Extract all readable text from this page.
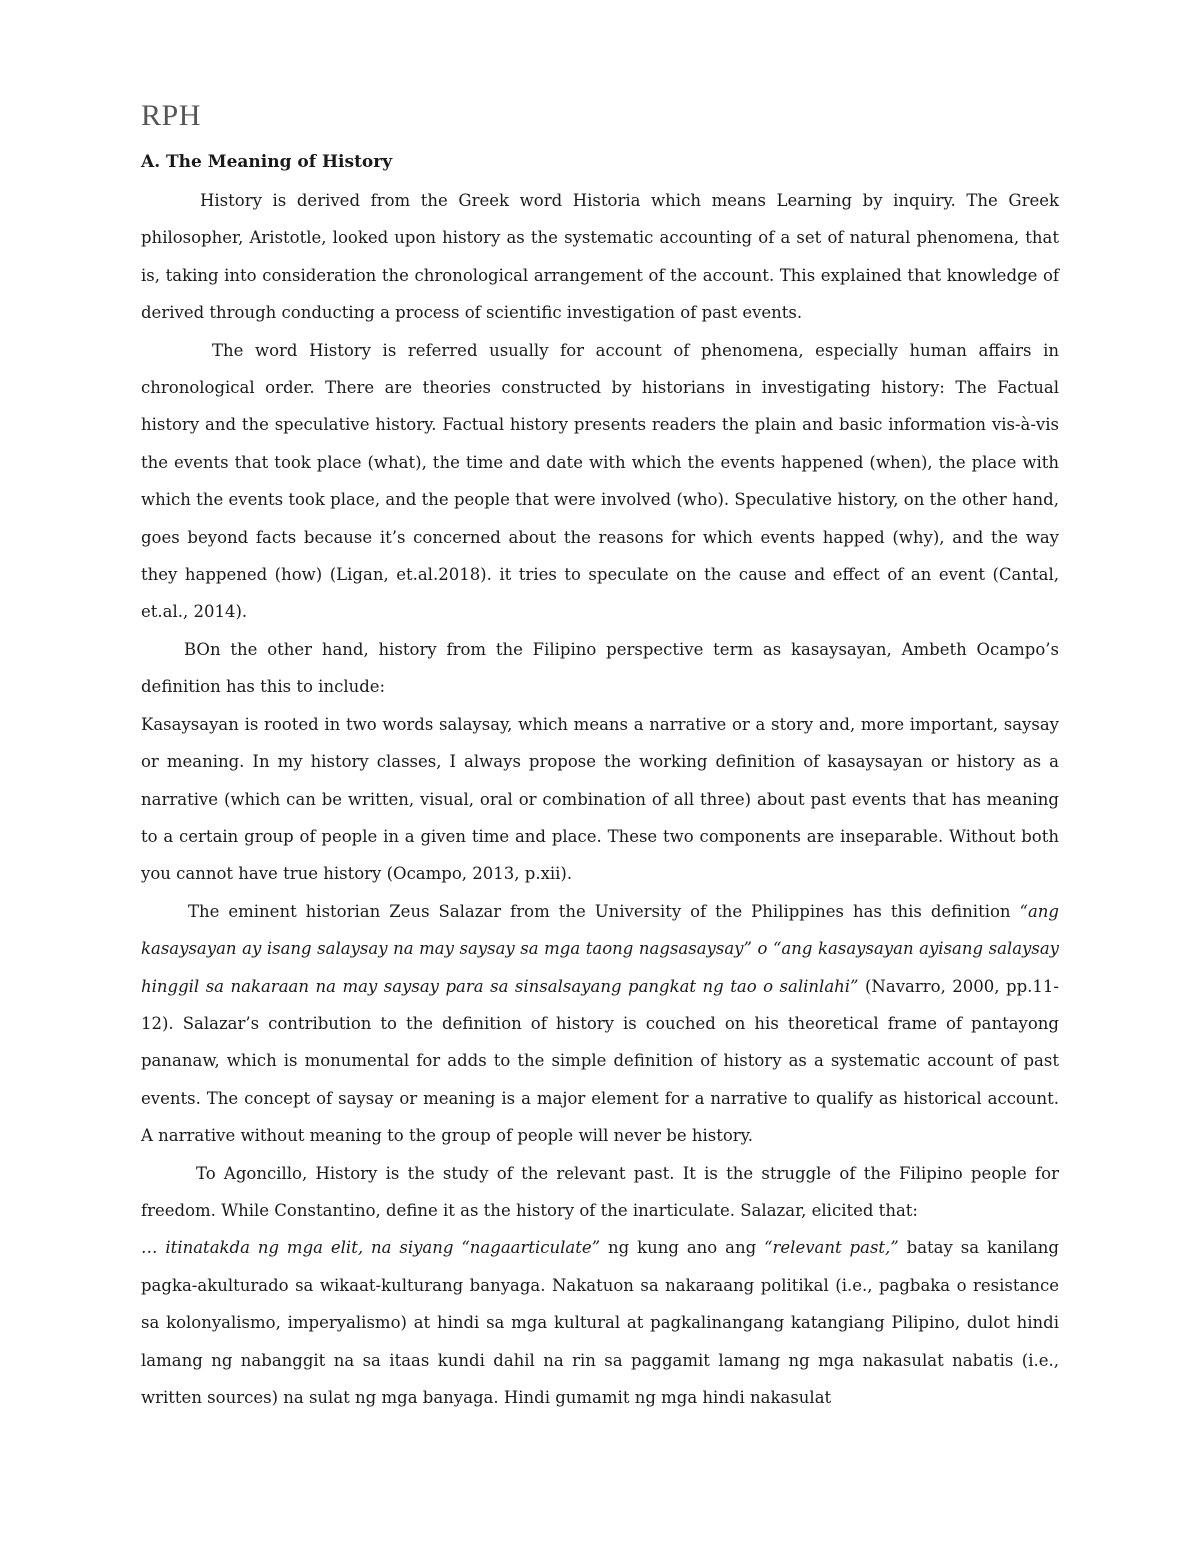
RPH
A. The Meaning of History

History is derived from the Greek word Historia which means Learning by inquiry. The Greek philosopher, Aristotle, looked upon history as the systematic accounting of a set of natural phenomena, that is, taking into consideration the chronological arrangement of the account. This explained that knowledge of derived through conducting a process of scientific investigation of past events.

The word History is referred usually for account of phenomena, especially human affairs in chronological order. There are theories constructed by historians in investigating history: The Factual history and the speculative history. Factual history presents readers the plain and basic information vis-à-vis the events that took place (what), the time and date with which the events happened (when), the place with which the events took place, and the people that were involved (who). Speculative history, on the other hand, goes beyond facts because it’s concerned about the reasons for which events happed (why), and the way they happened (how) (Ligan, et.al.2018). it tries to speculate on the cause and effect of an event (Cantal, et.al., 2014).

BOn the other hand, history from the Filipino perspective term as kasaysayan, Ambeth Ocampo’s definition has this to include:

Kasaysayan is rooted in two words salaysay, which means a narrative or a story and, more important, saysay or meaning. In my history classes, I always propose the working definition of kasaysayan or history as a narrative (which can be written, visual, oral or combination of all three) about past events that has meaning to a certain group of people in a given time and place. These two components are inseparable. Without both you cannot have true history (Ocampo, 2013, p.xii).

The eminent historian Zeus Salazar from the University of the Philippines has this definition “ang kasaysayan ay isang salaysay na may saysay sa mga taong nagsasaysay” o “ang kasaysayan ayisang salaysay hinggil sa nakaraan na may saysay para sa sinsalsayang pangkat ng tao o salinlahi” (Navarro, 2000, pp.11-12). Salazar’s contribution to the definition of history is couched on his theoretical frame of pantayong pananaw, which is monumental for adds to the simple definition of history as a systematic account of past events. The concept of saysay or meaning is a major element for a narrative to qualify as historical account. A narrative without meaning to the group of people will never be history.

To Agoncillo, History is the study of the relevant past. It is the struggle of the Filipino people for freedom. While Constantino, define it as the history of the inarticulate. Salazar, elicited that:

… itinatakda ng mga elit, na siyang “nagaarticulate” ng kung ano ang “relevant past,” batay sa kanilang pagka-akulturado sa wikaat-kulturang banyaga. Nakatuon sa nakaraang politikal (i.e., pagbaka o resistance sa kolonyalismo, imperyalismo) at hindi sa mga kultural at pagkalinangang katangiang Pilipino, dulot hindi lamang ng nabanggit na sa itaas kundi dahil na rin sa paggamit lamang ng mga nakasulat nabatis (i.e., written sources) na sulat ng mga banyaga. Hindi gumamit ng mga hindi nakasulat
